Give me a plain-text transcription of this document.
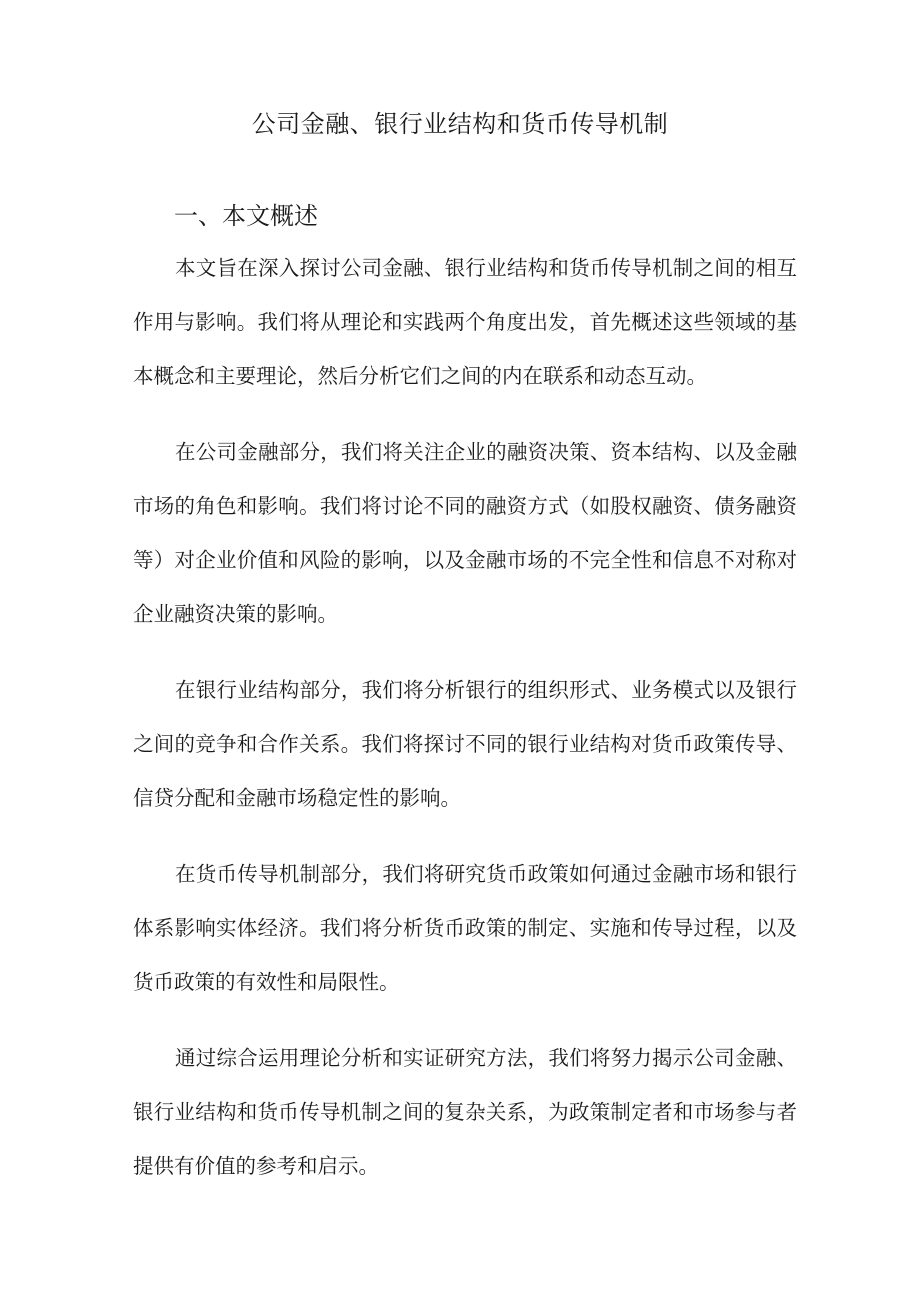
公司金融、银行业结构和货币传导机制
一、本文概述

本文旨在深入探讨公司金融、银行业结构和货币传导机制之间的相互作用与影响。我们将从理论和实践两个角度出发，首先概述这些领域的基本概念和主要理论，然后分析它们之间的内在联系和动态互动。

在公司金融部分，我们将关注企业的融资决策、资本结构、以及金融市场的角色和影响。我们将讨论不同的融资方式（如股权融资、债务融资等）对企业价值和风险的影响，以及金融市场的不完全性和信息不对称对企业融资决策的影响。

在银行业结构部分，我们将分析银行的组织形式、业务模式以及银行之间的竞争和合作关系。我们将探讨不同的银行业结构对货币政策传导、信贷分配和金融市场稳定性的影响。

在货币传导机制部分，我们将研究货币政策如何通过金融市场和银行体系影响实体经济。我们将分析货币政策的制定、实施和传导过程，以及货币政策的有效性和局限性。

通过综合运用理论分析和实证研究方法，我们将努力揭示公司金融、银行业结构和货币传导机制之间的复杂关系，为政策制定者和市场参与者提供有价值的参考和启示。
